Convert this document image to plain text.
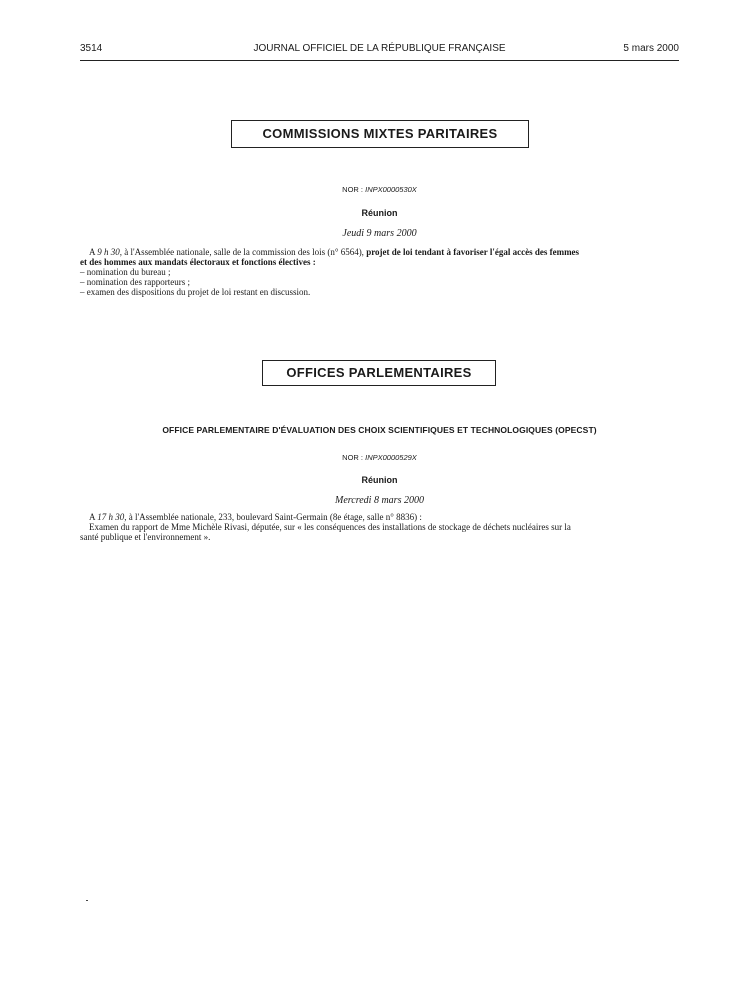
3514	JOURNAL OFFICIEL DE LA RÉPUBLIQUE FRANÇAISE	5 mars 2000
COMMISSIONS MIXTES PARITAIRES
NOR : INPX0000530X
Réunion
Jeudi 9 mars 2000

A 9 h 30, à l'Assemblée nationale, salle de la commission des lois (n° 6564), projet de loi tendant à favoriser l'égal accès des femmes

et des hommes aux mandats électoraux et fonctions électives :

– nomination du bureau ;

– nomination des rapporteurs ;

– examen des dispositions du projet de loi restant en discussion.

OFFICES PARLEMENTAIRES
OFFICE PARLEMENTAIRE D'ÉVALUATION DES CHOIX SCIENTIFIQUES ET TECHNOLOGIQUES (OPECST)
NOR : INPX0000529X
Réunion
Mercredi 8 mars 2000

A 17 h 30, à l'Assemblée nationale, 233, boulevard Saint-Germain (8e étage, salle n° 8836) :

Examen du rapport de Mme Michèle Rivasi, députée, sur « les conséquences des installations de stockage de déchets nucléaires sur la

santé publique et l'environnement ».
